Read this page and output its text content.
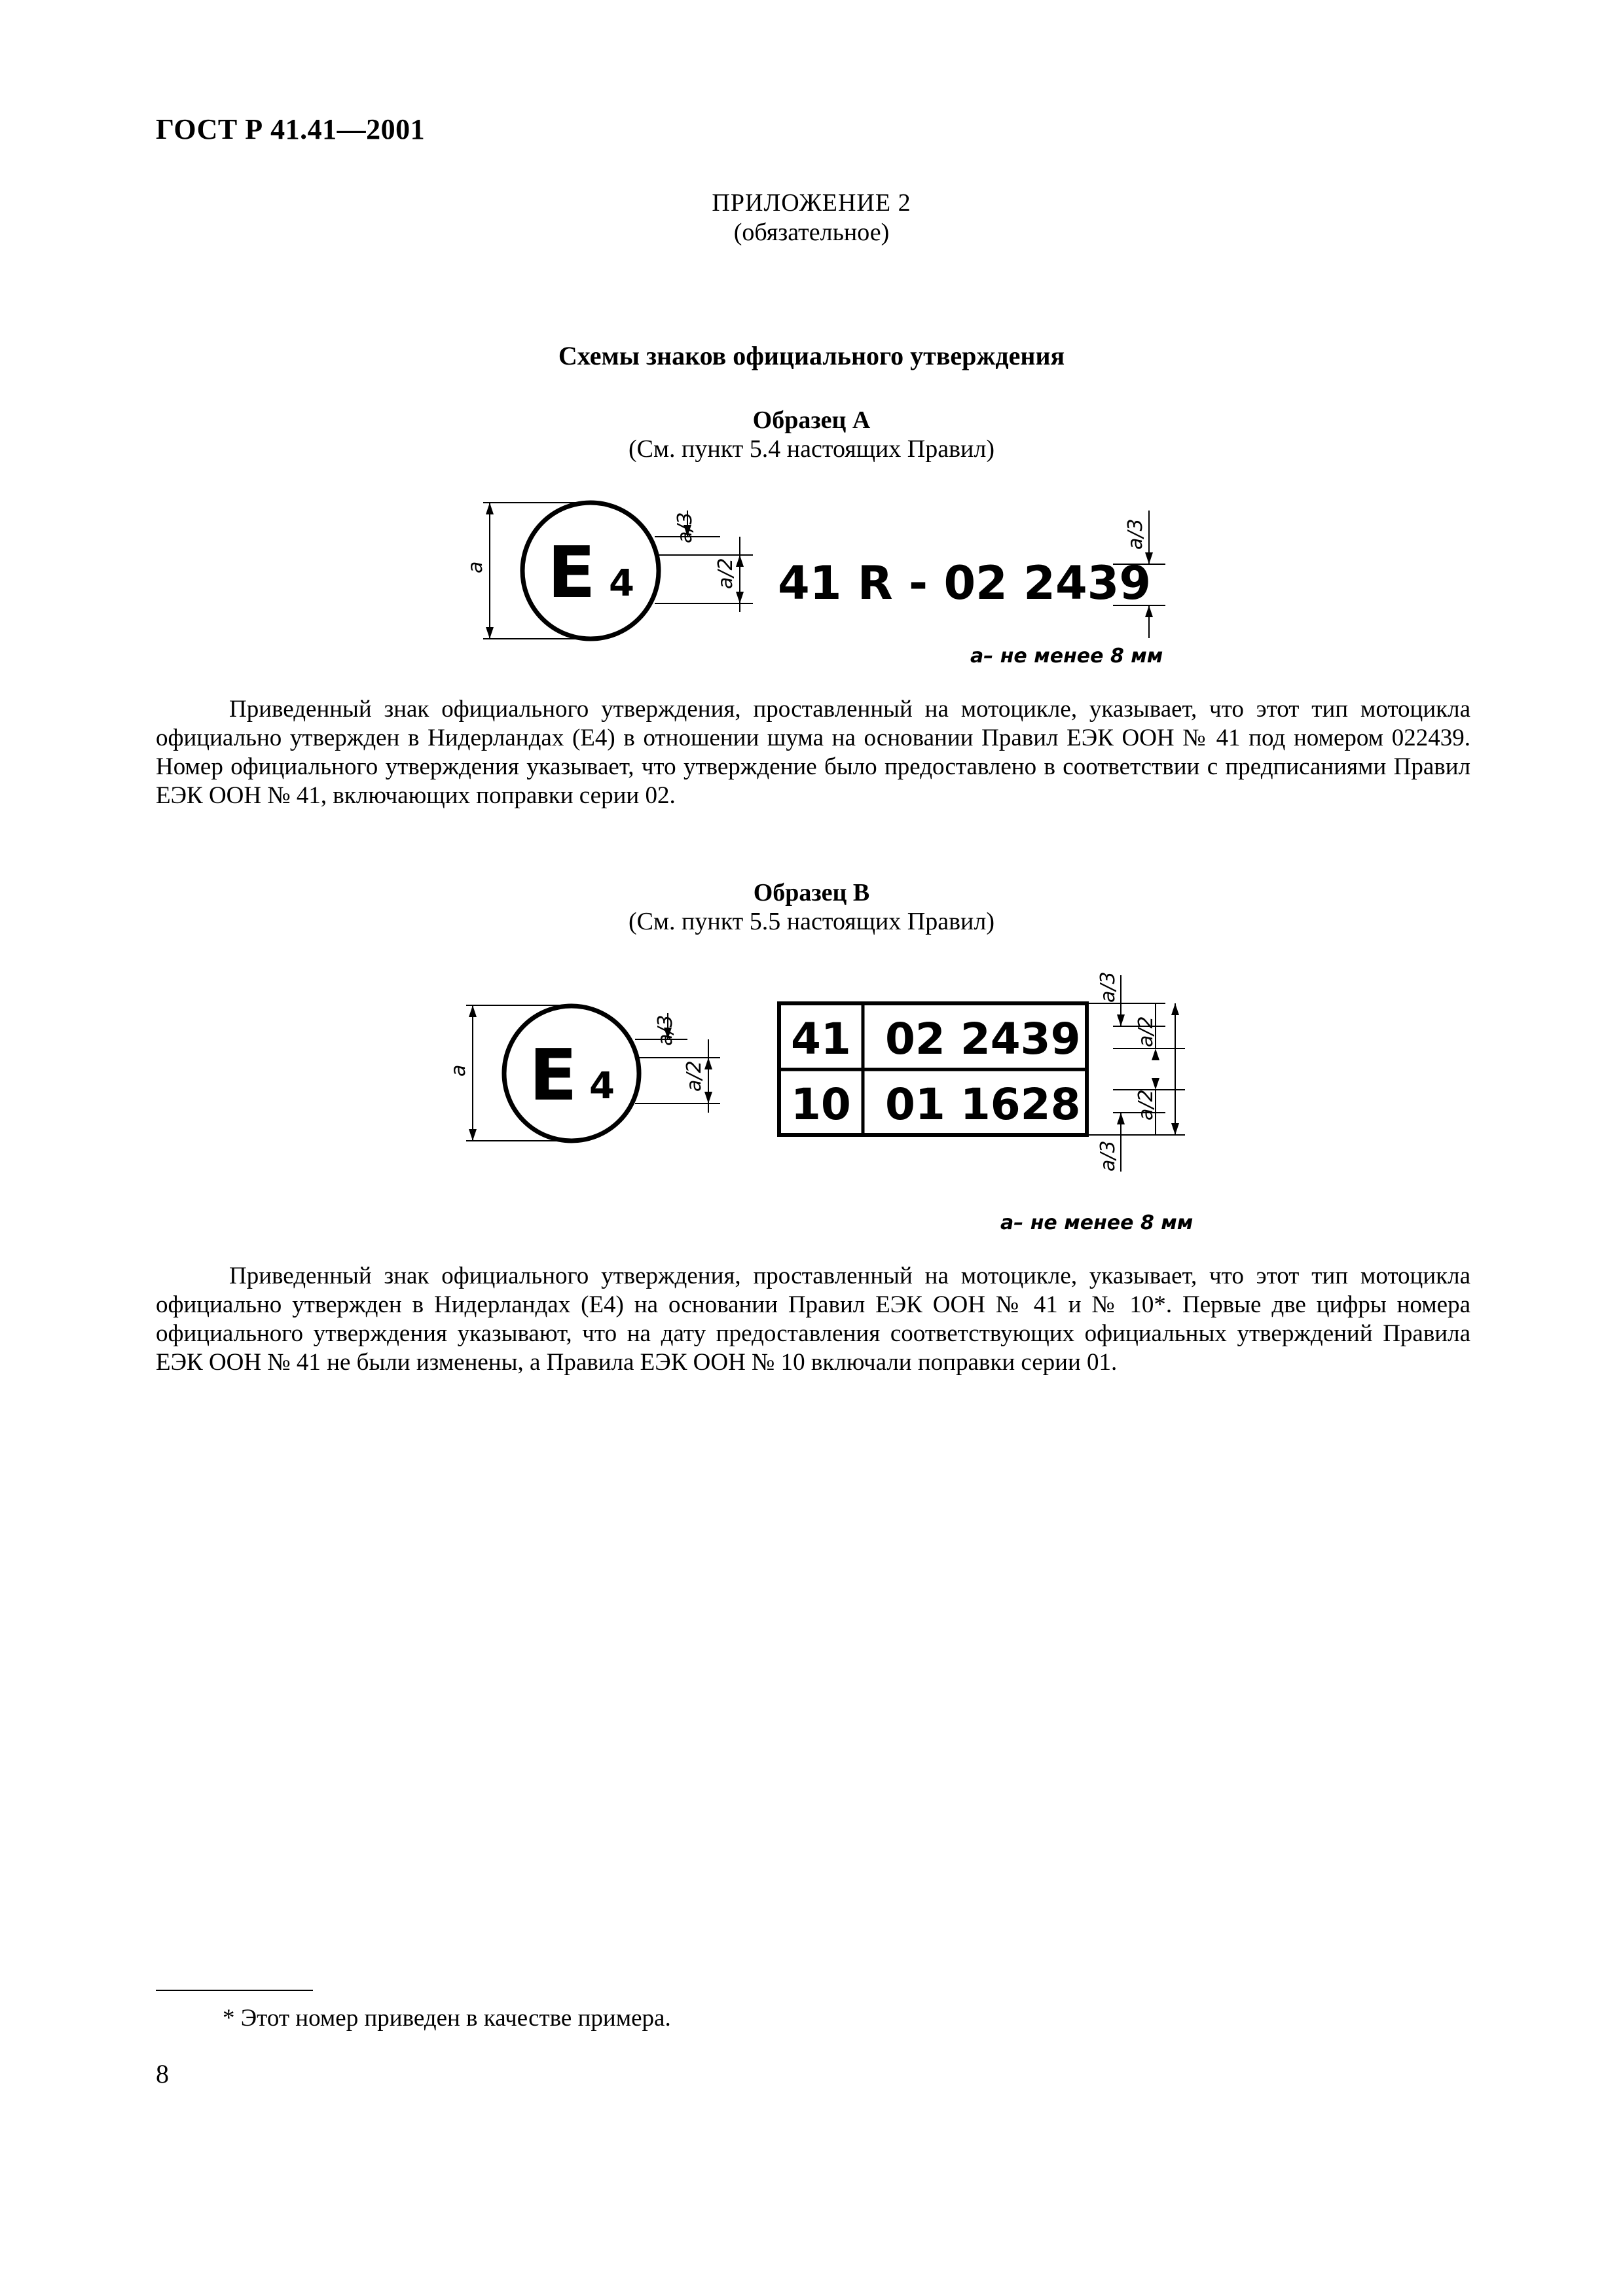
ГОСТ Р 41.41—2001
ПРИЛОЖЕНИЕ 2
(обязательное)
Схемы знаков официального утверждения
Образец А
(См. пункт 5.4 настоящих Правил)
E 4	41 R - 02 2439
a
a/3
a/2
a/3
a– не менее 8 мм
Приведенный знак официального утверждения, проставленный на мотоцикле, указывает, что этот тип мотоцикла официально утвержден в Нидерландах (Е4) в отношении шума на основании Правил ЕЭК ООН № 41 под номером 022439. Номер официального утверждения указывает, что утверждение было предоставлено в соответствии с предписаниями Правил ЕЭК ООН № 41, включающих поправки серии 02.
Образец В
(См. пункт 5.5 настоящих Правил)
E 4
41 02 2439
10 01 1628
a
a/3
a/2
a/3
a/2
a/2
a/3
a– не менее 8 мм
Приведенный знак официального утверждения, проставленный на мотоцикле, указывает, что этот тип мотоцикла официально утвержден в Нидерландах (Е4) на основании Правил ЕЭК ООН № 41 и № 10*. Первые две цифры номера официального утверждения указывают, что на дату предоставления соответствующих официальных утверждений Правила ЕЭК ООН № 41 не были изменены, а Правила ЕЭК ООН № 10 включали поправки серии 01.
* Этот номер приведен в качестве примера.
8
